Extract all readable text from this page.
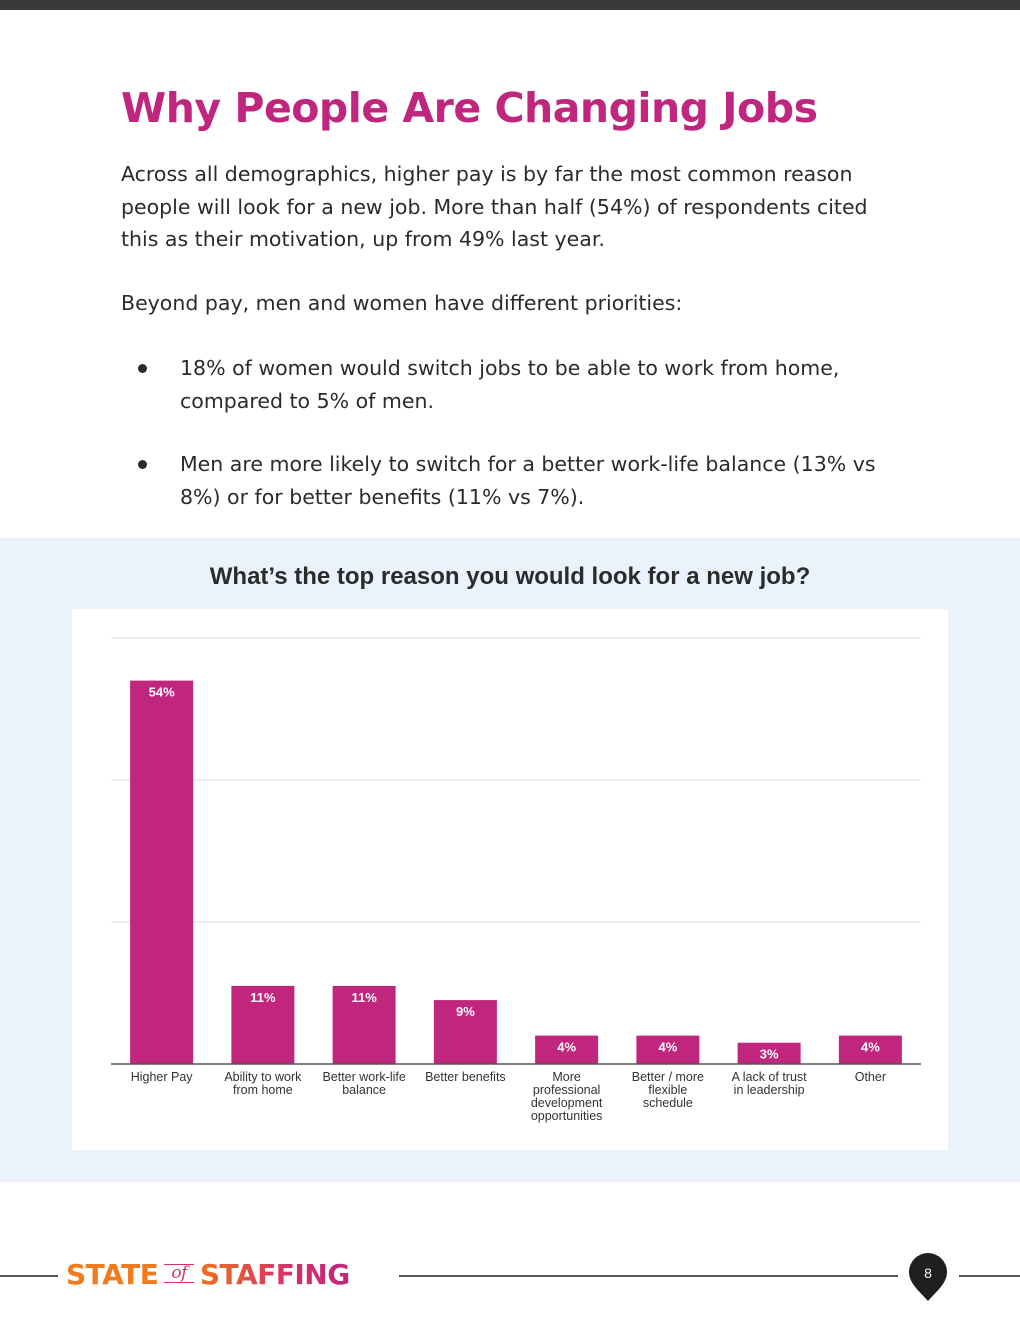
Why People Are Changing Jobs

Across all demographics, higher pay is by far the most common reason people will look for a new job. More than half (54%) of respondents cited this as their motivation, up from 49% last year.

Beyond pay, men and women have different priorities:

18% of women would switch jobs to be able to work from home, compared to 5% of men.
Men are more likely to switch for a better work-life balance (13% vs 8%) or for better benefits (11% vs 7%).
What’s the top reason you would look for a new job?
54%
Higher Pay
11%
Ability to work from home
11%
Better work-life balance
9%
Better benefits
4%
More professional development opportunities
4%
Better / more flexible schedule
3%
A lack of trust in leadership
4%
Other
STATE of STAFFING	8
